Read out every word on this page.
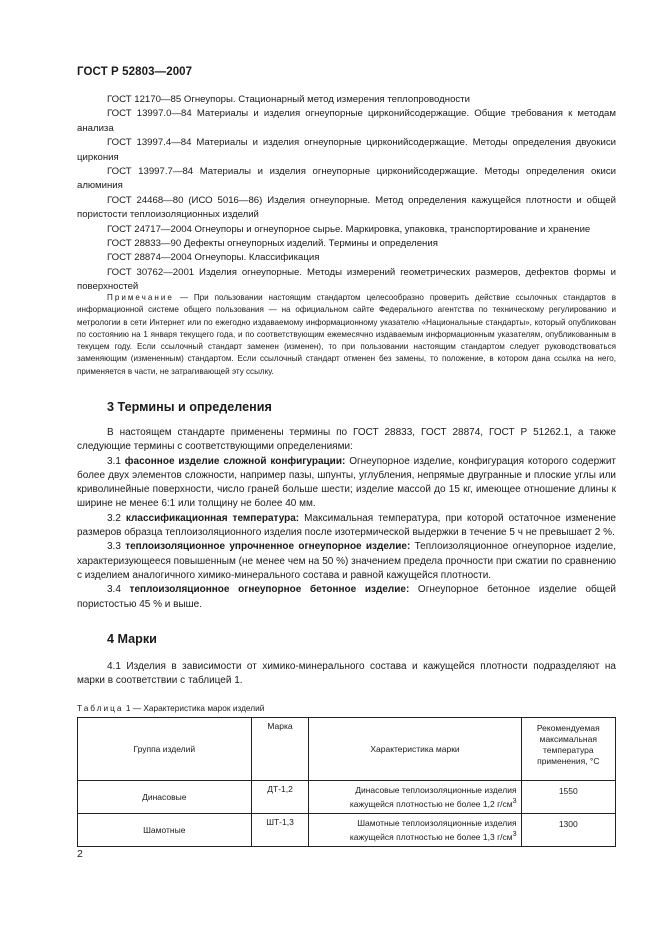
ГОСТ Р 52803—2007

ГОСТ 12170—85 Огнеупоры. Стационарный метод измерения теплопроводности

ГОСТ 13997.0—84 Материалы и изделия огнеупорные цирконийсодержащие. Общие требования к методам анализа

ГОСТ 13997.4—84 Материалы и изделия огнеупорные цирконийсодержащие. Методы определения двуокиси циркония

ГОСТ 13997.7—84 Материалы и изделия огнеупорные цирконийсодержащие. Методы определения окиси алюминия

ГОСТ 24468—80 (ИСО 5016—86) Изделия огнеупорные. Метод определения кажущейся плотности и общей пористости теплоизоляционных изделий

ГОСТ 24717—2004 Огнеупоры и огнеупорное сырье. Маркировка, упаковка, транспортирование и хранение

ГОСТ 28833—90 Дефекты огнеупорных изделий. Термины и определения

ГОСТ 28874—2004 Огнеупоры. Классификация

ГОСТ 30762—2001 Изделия огнеупорные. Методы измерений геометрических размеров, дефектов формы и поверхностей

Примечание — При пользовании настоящим стандартом целесообразно проверить действие ссылочных стандартов в информационной системе общего пользования — на официальном сайте Федерального агентства по техническому регулированию и метрологии в сети Интернет или по ежегодно издаваемому информационному указателю «Национальные стандарты», который опубликован по состоянию на 1 января текущего года, и по соответствующим ежемесячно издаваемым информационным указателям, опубликованным в текущем году. Если ссылочный стандарт заменен (изменен), то при пользовании настоящим стандартом следует руководствоваться заменяющим (измененным) стандартом. Если ссылочный стандарт отменен без замены, то положение, в котором дана ссылка на него, применяется в части, не затрагивающей эту ссылку.

3 Термины и определения

В настоящем стандарте применены термины по ГОСТ 28833, ГОСТ 28874, ГОСТ Р 51262.1, а также следующие термины с соответствующими определениями:

3.1 фасонное изделие сложной конфигурации: Огнеупорное изделие, конфигурация которого содержит более двух элементов сложности, например пазы, шпунты, углубления, непрямые двугранные и плоские углы или криволинейные поверхности, число граней больше шести; изделие массой до 15 кг, имеющее отношение длины к ширине не менее 6:1 или толщину не более 40 мм.

3.2 классификационная температура: Максимальная температура, при которой остаточное изменение размеров образца теплоизоляционного изделия после изотермической выдержки в течение 5 ч не превышает 2 %.

3.3 теплоизоляционное упрочненное огнеупорное изделие: Теплоизоляционное огнеупорное изделие, характеризующееся повышенным (не менее чем на 50 %) значением предела прочности при сжатии по сравнению с изделием аналогичного химико-минерального состава и равной кажущейся плотности.

3.4 теплоизоляционное огнеупорное бетонное изделие: Огнеупорное бетонное изделие общей пористостью 45 % и выше.

4 Марки

4.1 Изделия в зависимости от химико-минерального состава и кажущейся плотности подразделяют на марки в соответствии с таблицей 1.

Таблица 1 — Характеристика марок изделий
Группа изделий	Марка	Характеристика марки	Рекомендуемая максимальная температура применения, °С
Динасовые	ДТ-1,2	Динасовые теплоизоляционные изделия кажущейся плотностью не более 1,2 $г/см^3$	1550
Шамотные	ШТ-1,3	Шамотные теплоизоляционные изделия кажущейся плотностью не более 1,3 $г/см^3$	1300
2
